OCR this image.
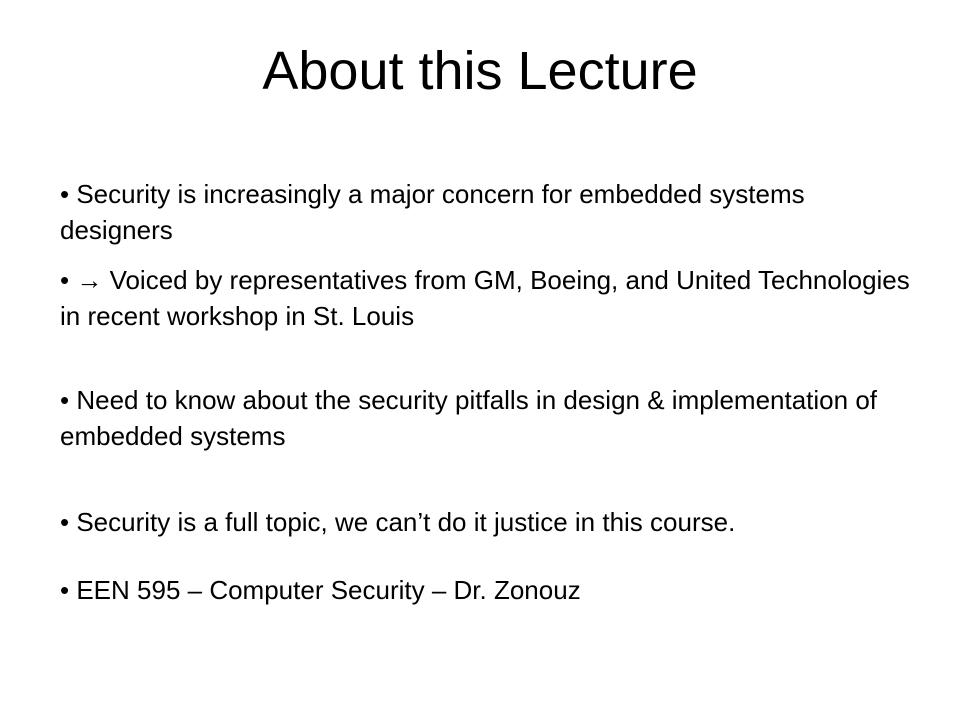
About this Lecture
• Security is increasingly a major concern for embedded systems designers
• → Voiced by representatives from GM, Boeing, and United Technologies in recent workshop in St. Louis
• Need to know about the security pitfalls in design & implementation of embedded systems
• Security is a full topic, we can’t do it justice in this course.
• EEN 595 – Computer Security – Dr. Zonouz
